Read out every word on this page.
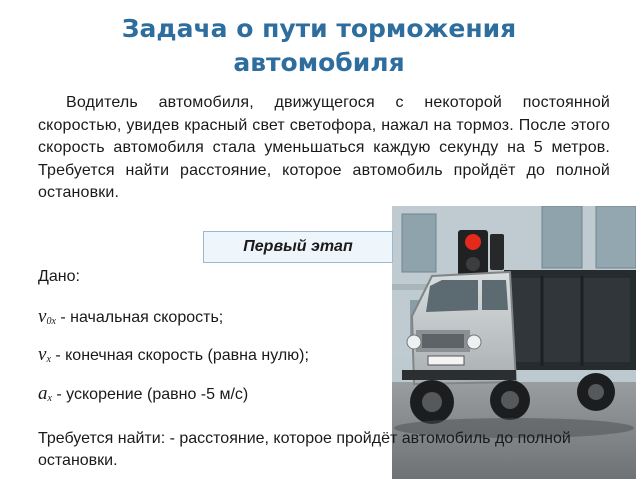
Задача о пути торможения
автомобиля
Водитель автомобиля, движущегося с некоторой постоянной скоростью, увидев красный свет светофора, нажал на тормоз. После этого скорость автомобиля стала уменьшаться каждую секунду на 5 метров. Требуется найти расстояние, которое автомобиль пройдёт до полной остановки.
Первый этап
Дано:
$v_{0x}$ - начальная скорость;
$v_x$ - конечная скорость (равна нулю);
$a_x$ - ускорение (равно -5 м/с)
Требуется найти: - расстояние, которое пройдёт автомобиль до полной остановки.
